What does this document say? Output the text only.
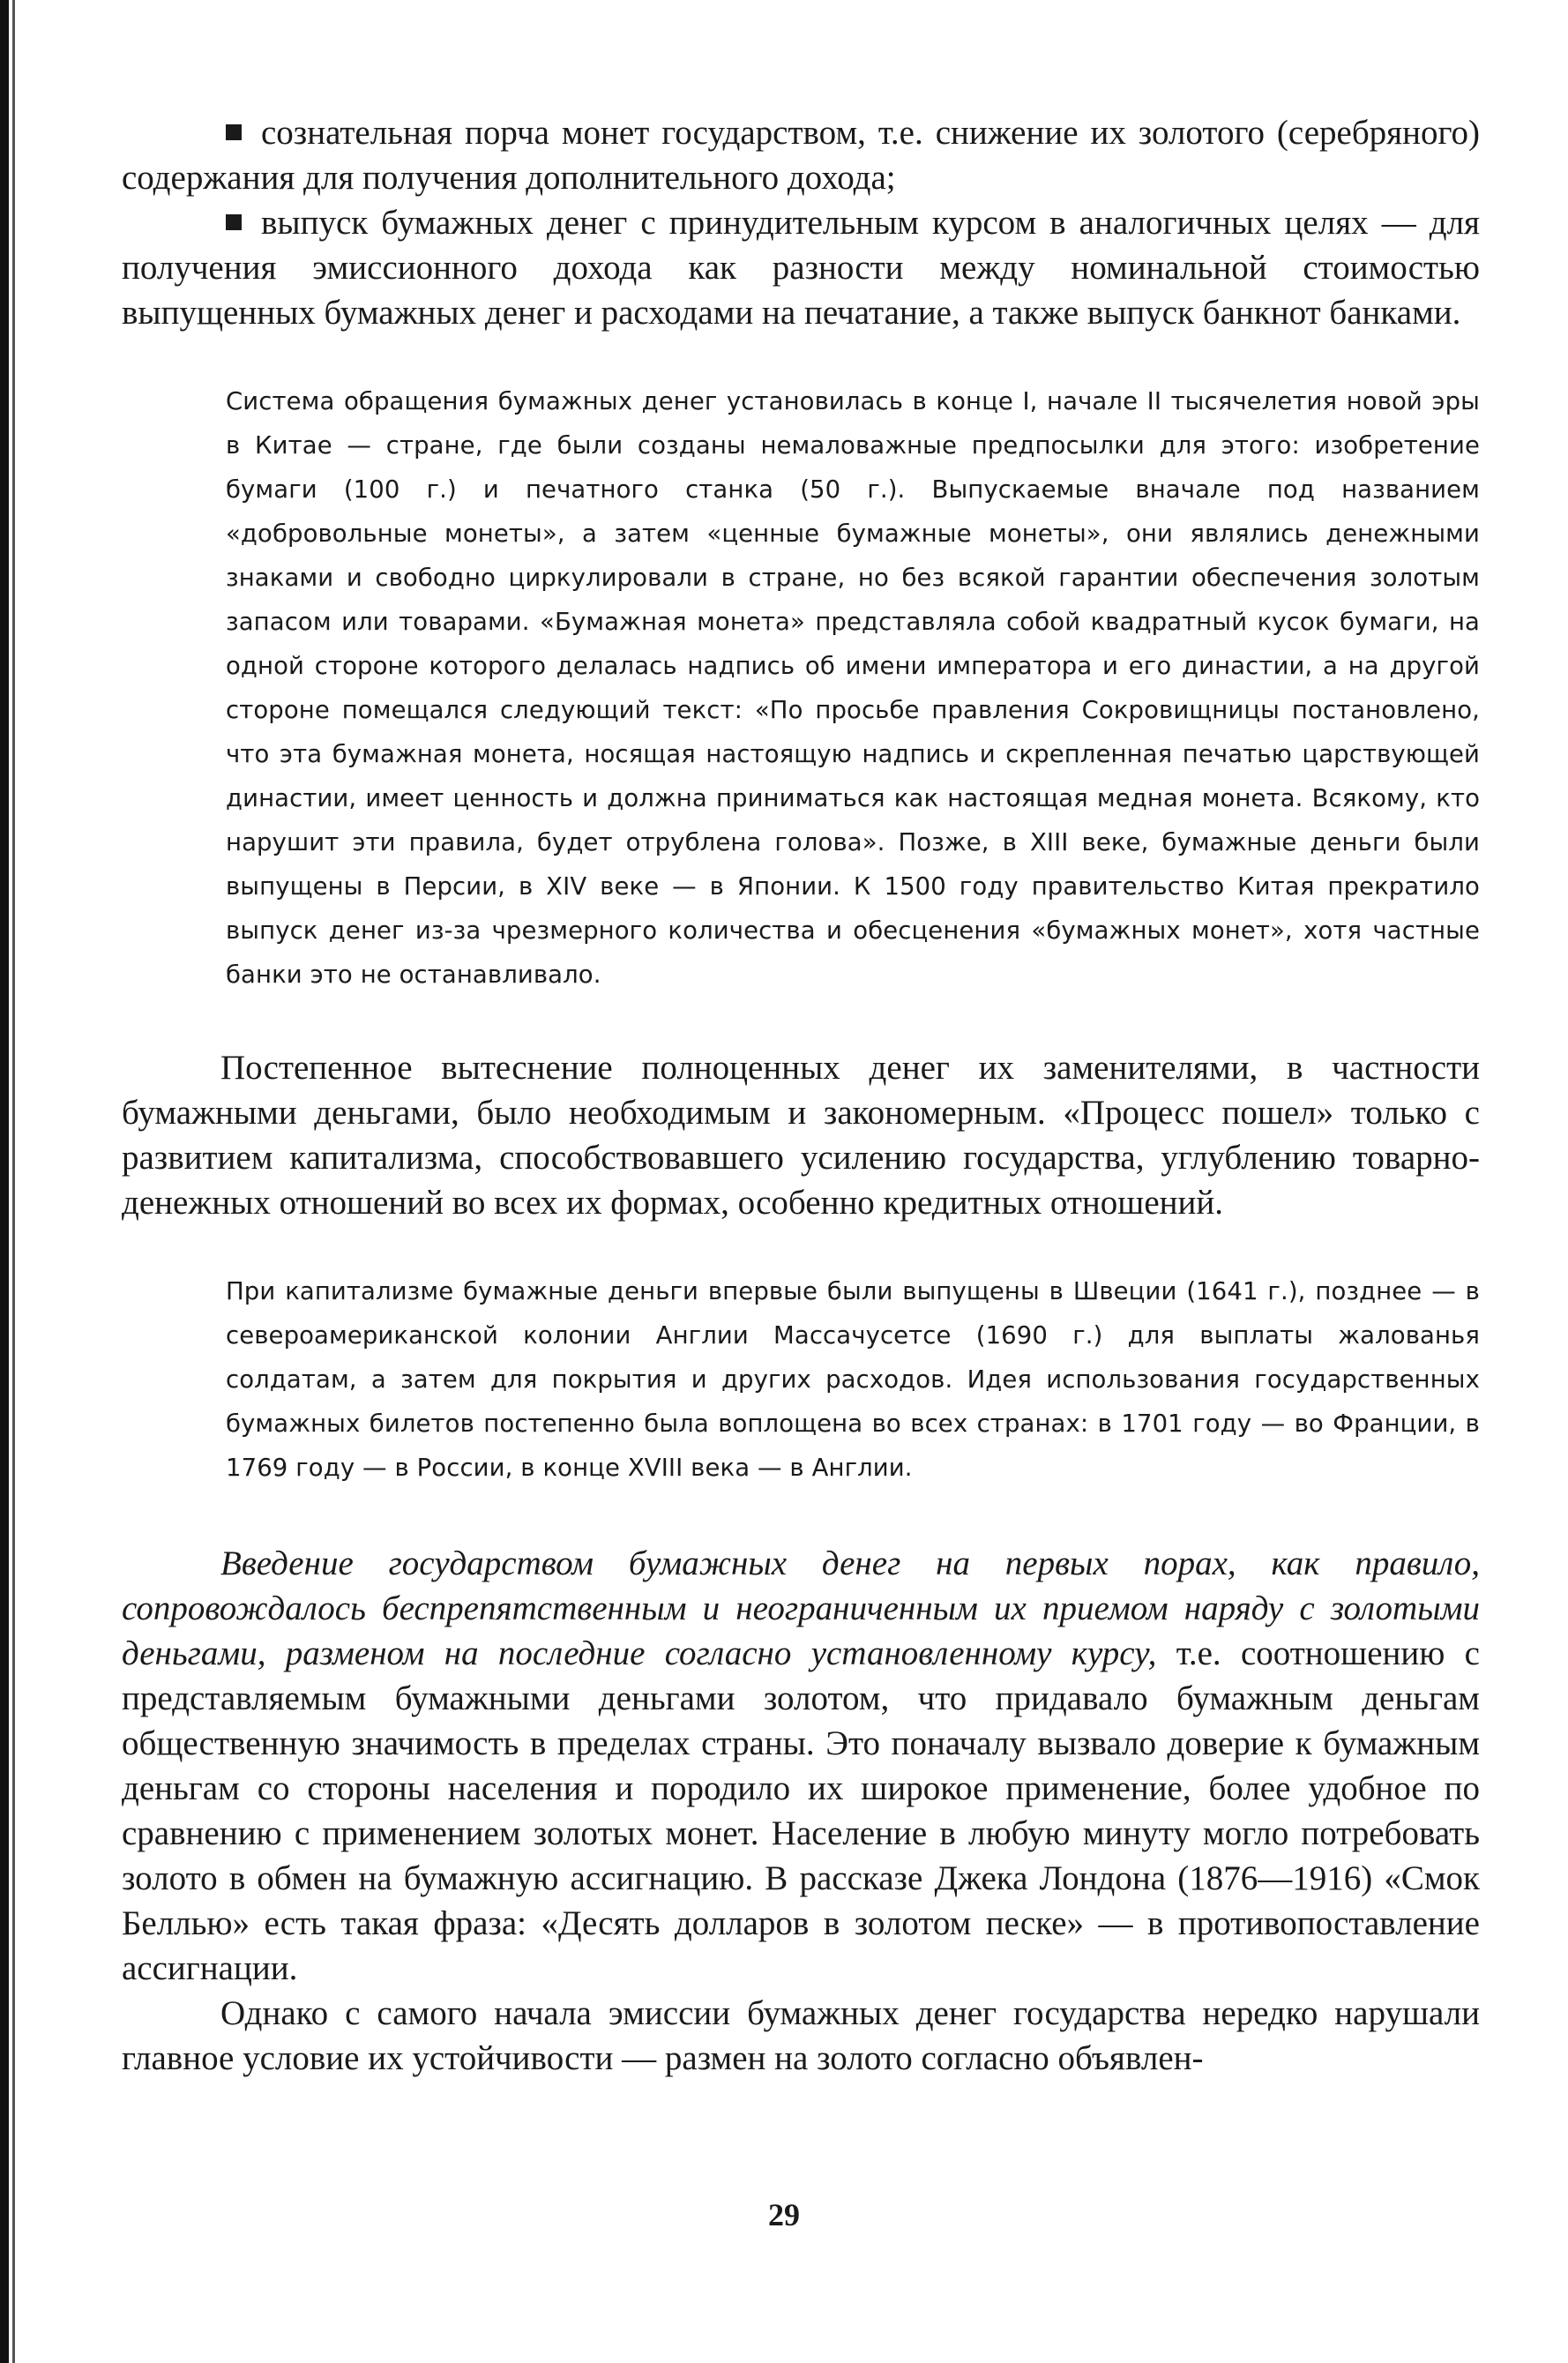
сознательная порча монет государством, т.е. снижение их золотого (серебряного) содержания для получения дополнительного дохода;

выпуск бумажных денег с принудительным курсом в аналогичных целях — для получения эмиссионного дохода как разности между номинальной стоимостью выпущенных бумажных денег и расходами на печатание, а также выпуск банкнот банками.

Система обращения бумажных денег установилась в конце I, начале II тысячелетия новой эры в Китае — стране, где были созданы немаловажные предпосылки для этого: изобретение бумаги (100 г.) и печатного станка (50 г.). Выпускаемые вначале под названием «добровольные монеты», а затем «ценные бумажные монеты», они являлись денежными знаками и свободно циркулировали в стране, но без всякой гарантии обеспечения золотым запасом или товарами. «Бумажная монета» представляла собой квадратный кусок бумаги, на одной стороне которого делалась надпись об имени императора и его династии, а на другой стороне помещался следующий текст: «По просьбе правления Сокровищницы постановлено, что эта бумажная монета, носящая настоящую надпись и скрепленная печатью царствующей династии, имеет ценность и должна приниматься как настоящая медная монета. Всякому, кто нарушит эти правила, будет отрублена голова». Позже, в XIII веке, бумажные деньги были выпущены в Персии, в XIV веке — в Японии. К 1500 году правительство Китая прекратило выпуск денег из-за чрезмерного количества и обесценения «бумажных монет», хотя частные банки это не останавливало.

Постепенное вытеснение полноценных денег их заменителями, в частности бумажными деньгами, было необходимым и закономерным. «Процесс пошел» только с развитием капитализма, способствовавшего усилению государства, углублению товарно-денежных отношений во всех их формах, особенно кредитных отношений.

При капитализме бумажные деньги впервые были выпущены в Швеции (1641 г.), позднее — в североамериканской колонии Англии Массачусетсе (1690 г.) для выплаты жалованья солдатам, а затем для покрытия и других расходов. Идея использования государственных бумажных билетов постепенно была воплощена во всех странах: в 1701 году — во Франции, в 1769 году — в России, в конце XVIII века — в Англии.

Введение государством бумажных денег на первых порах, как правило, сопровождалось беспрепятственным и неограниченным их приемом наряду с золотыми деньгами, разменом на последние согласно установленному курсу, т.е. соотношению с представляемым бумажными деньгами золотом, что придавало бумажным деньгам общественную значимость в пределах страны. Это поначалу вызвало доверие к бумажным деньгам со стороны населения и породило их широкое применение, более удобное по сравнению с применением золотых монет. Население в любую минуту могло потребовать золото в обмен на бумажную ассигнацию. В рассказе Джека Лондона (1876—1916) «Смок Беллью» есть такая фраза: «Десять долларов в золотом песке» — в противопоставление ассигнации.

Однако с самого начала эмиссии бумажных денег государства нередко нарушали главное условие их устойчивости — размен на золото согласно объявлен-

29
